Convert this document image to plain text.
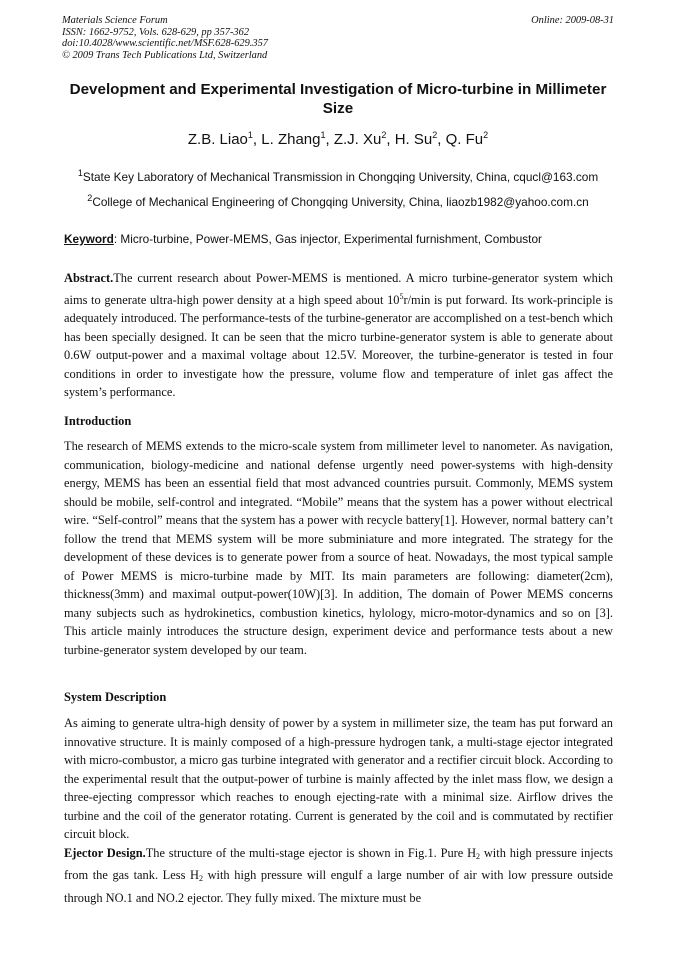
Materials Science Forum
ISSN: 1662-9752, Vols. 628-629, pp 357-362
doi:10.4028/www.scientific.net/MSF.628-629.357
© 2009 Trans Tech Publications Ltd, Switzerland
Online: 2009-08-31
Development and Experimental Investigation of Micro-turbine in Millimeter Size
Z.B. Liao$^1$, L. Zhang$^1$, Z.J. Xu$^2$, H. Su$^2$, Q. Fu$^2$
$^1$State Key Laboratory of Mechanical Transmission in Chongqing University, China, cqucl@163.com
$^2$College of Mechanical Engineering of Chongqing University, China, liaozb1982@yahoo.com.cn
Keyword: Micro-turbine, Power-MEMS, Gas injector, Experimental furnishment, Combustor
Abstract.The current research about Power-MEMS is mentioned. A micro turbine-generator system which aims to generate ultra-high power density at a high speed about $10^5r/\min$ is put forward. Its work-principle is adequately introduced. The performance-tests of the turbine-generator are accomplished on a test-bench which has been specially designed. It can be seen that the micro turbine-generator system is able to generate about 0.6W output-power and a maximal voltage about 12.5V. Moreover, the turbine-generator is tested in four conditions in order to investigate how the pressure, volume flow and temperature of inlet gas affect the system’s performance.
Introduction
The research of MEMS extends to the micro-scale system from millimeter level to nanometer. As navigation, communication, biology-medicine and national defense urgently need power-systems with high-density energy, MEMS has been an essential field that most advanced countries pursuit. Commonly, MEMS system should be mobile, self-control and integrated. “Mobile” means that the system has a power without electrical wire. “Self-control” means that the system has a power with recycle battery[1]. However, normal battery can’t follow the trend that MEMS system will be more subminiature and more integrated. The strategy for the development of these devices is to generate power from a source of heat. Nowadays, the most typical sample of Power MEMS is micro-turbine made by MIT. Its main parameters are following: diameter(2cm), thickness(3mm) and maximal output-power(10W)[3]. In addition, The domain of Power MEMS concerns many subjects such as hydrokinetics, combustion kinetics, hylology, micro-motor-dynamics and so on [3]. This article mainly introduces the structure design, experiment device and performance tests about a new turbine-generator system developed by our team.
System Description
As aiming to generate ultra-high density of power by a system in millimeter size, the team has put forward an innovative structure. It is mainly composed of a high-pressure hydrogen tank, a multi-stage ejector integrated with micro-combustor, a micro gas turbine integrated with generator and a rectifier circuit block. According to the experimental result that the output-power of turbine is mainly affected by the inlet mass flow, we design a three-ejecting compressor which reaches to enough ejecting-rate with a minimal size. Airflow drives the turbine and the coil of the generator rotating. Current is generated by the coil and is commutated by rectifier circuit block.
Ejector Design.The structure of the multi-stage ejector is shown in Fig.1. Pure H2 with high pressure injects from the gas tank. Less H2 with high pressure will engulf a large number of air with low pressure outside through NO.1 and NO.2 ejector. They fully mixed. The mixture must be
